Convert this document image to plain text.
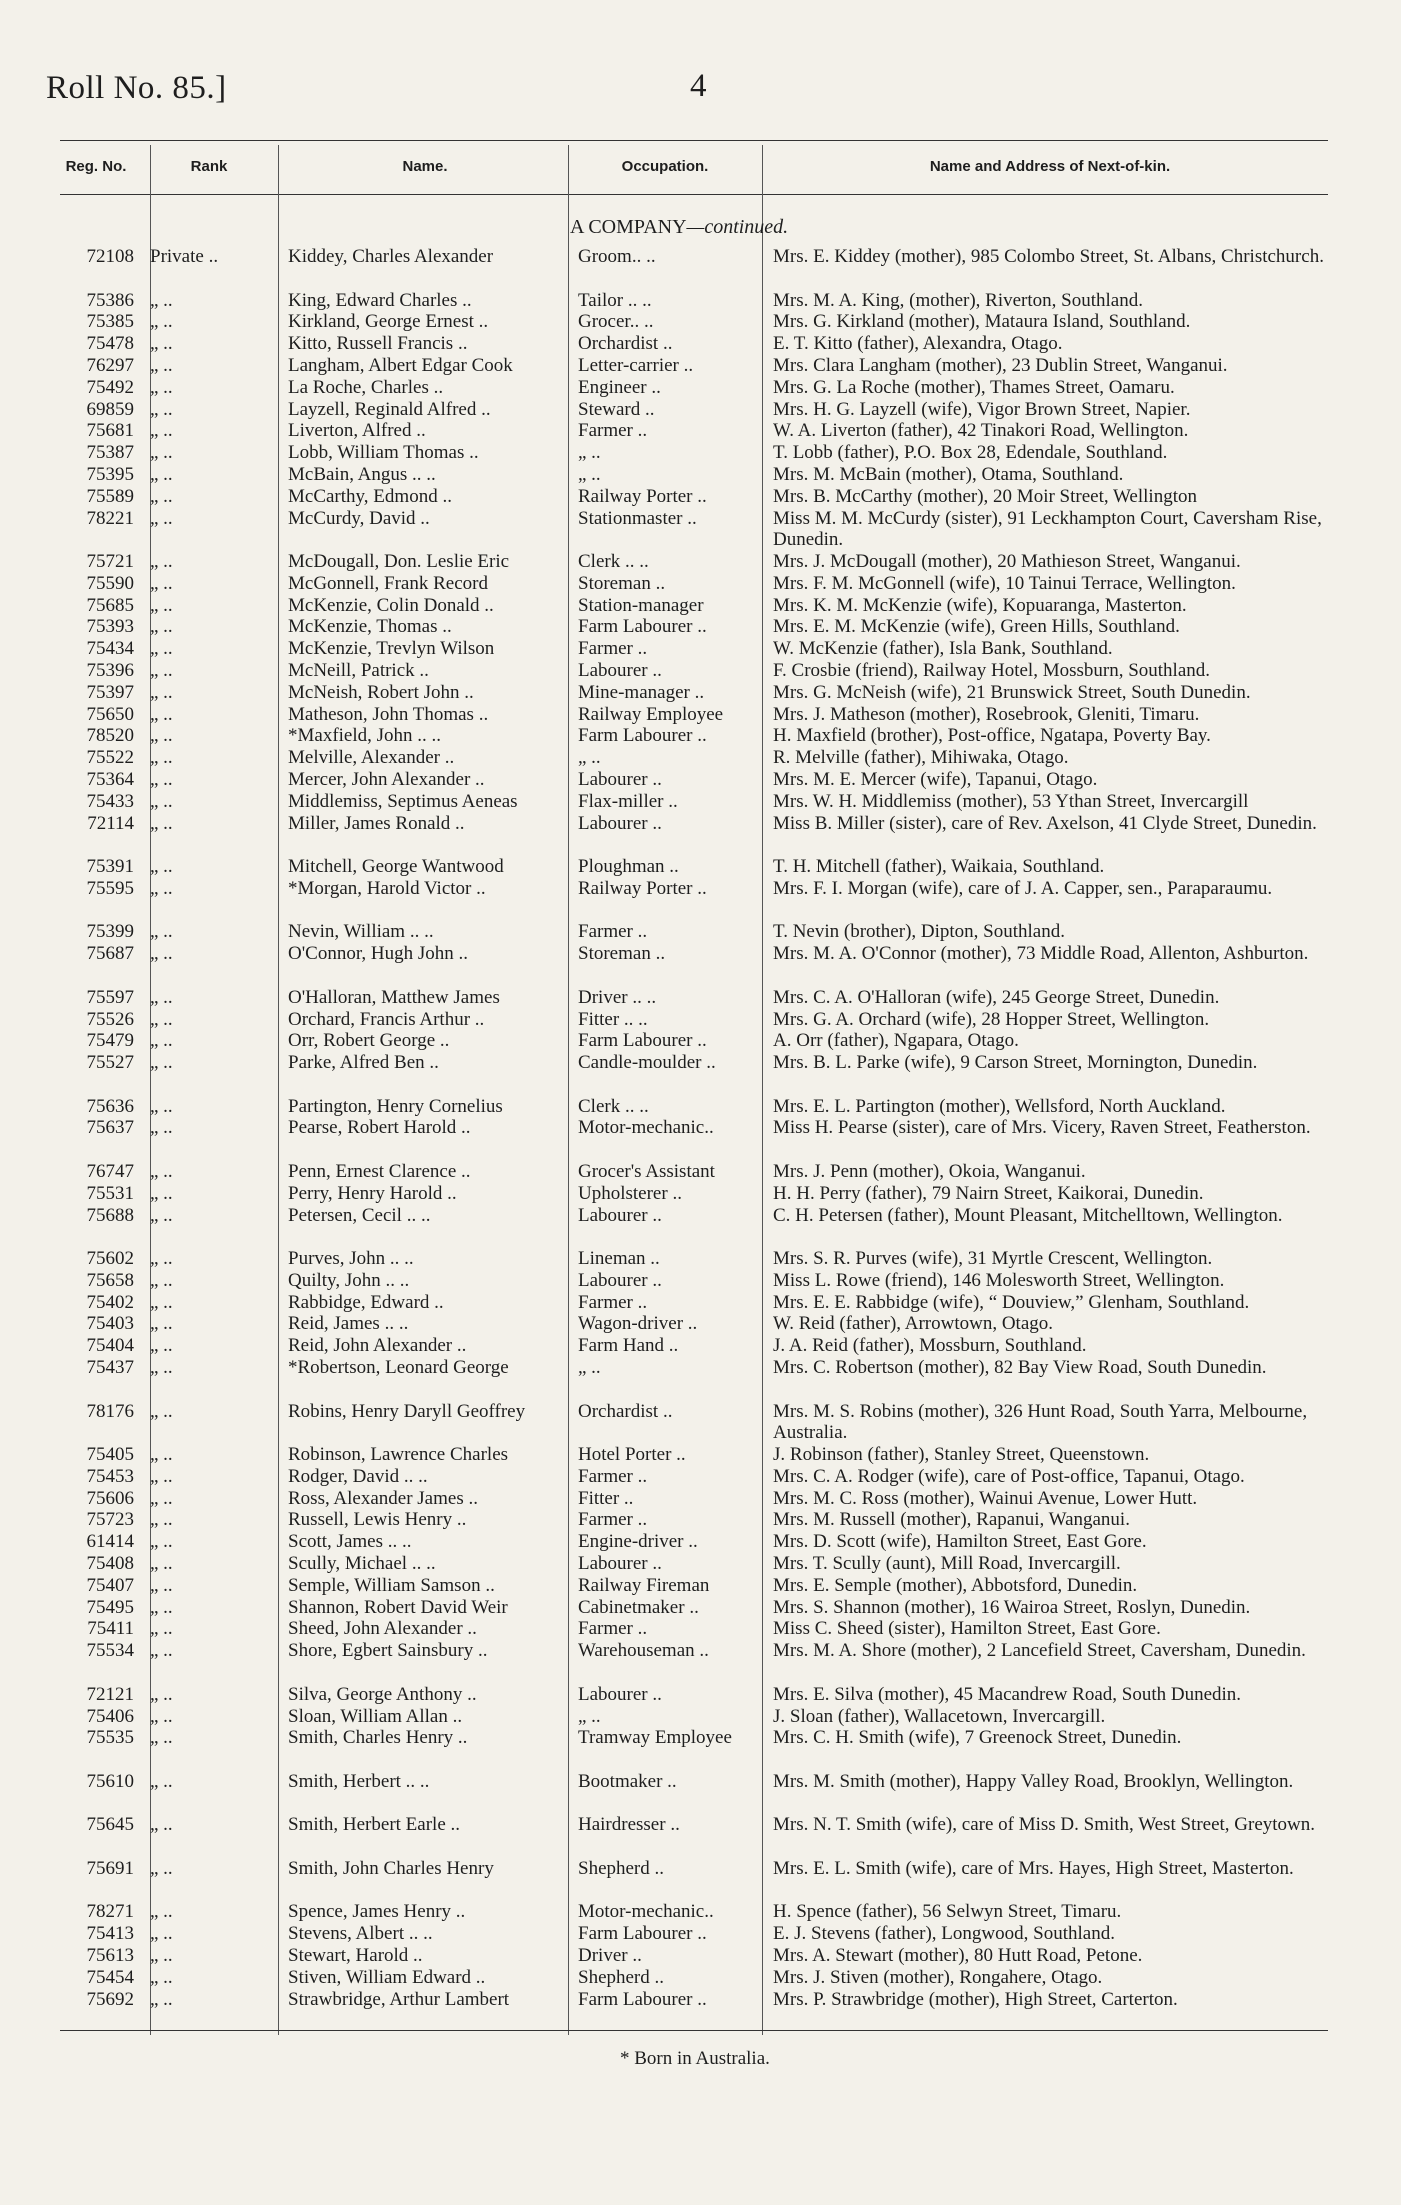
Roll No. 85.]	4
Reg. No.	Rank	Name.	Occupation.	Name and Address of Next-of-kin.
A COMPANY—continued.
72108 Private ..	Kiddey, Charles Alexander	Groom.. ..	Mrs. E. Kiddey (mother), 985 Colombo Street, St. Albans, Christchurch.
75386 „ ..	King, Edward Charles ..	Tailor .. ..	Mrs. M. A. King, (mother), Riverton, Southland.
75385 „ ..	Kirkland, George Ernest ..	Grocer.. ..	Mrs. G. Kirkland (mother), Mataura Island, Southland.
75478 „ ..	Kitto, Russell Francis ..	Orchardist ..	E. T. Kitto (father), Alexandra, Otago.
76297 „ ..	Langham, Albert Edgar Cook	Letter-carrier ..	Mrs. Clara Langham (mother), 23 Dublin Street, Wanganui.
75492 „ ..	La Roche, Charles ..	Engineer ..	Mrs. G. La Roche (mother), Thames Street, Oamaru.
69859 „ ..	Layzell, Reginald Alfred ..	Steward ..	Mrs. H. G. Layzell (wife), Vigor Brown Street, Napier.
75681 „ ..	Liverton, Alfred ..	Farmer ..	W. A. Liverton (father), 42 Tinakori Road, Wellington.
75387 „ ..	Lobb, William Thomas ..	„ ..	T. Lobb (father), P.O. Box 28, Edendale, Southland.
75395 „ ..	McBain, Angus .. ..	„ ..	Mrs. M. McBain (mother), Otama, Southland.
75589 „ ..	McCarthy, Edmond ..	Railway Porter ..	Mrs. B. McCarthy (mother), 20 Moir Street, Wellington
78221 „ ..	McCurdy, David ..	Stationmaster ..	Miss M. M. McCurdy (sister), 91 Leckhampton Court, Caversham Rise, Dunedin.
75721 „ ..	McDougall, Don. Leslie Eric	Clerk .. ..	Mrs. J. McDougall (mother), 20 Mathieson Street, Wanganui.
75590 „ ..	McGonnell, Frank Record	Storeman ..	Mrs. F. M. McGonnell (wife), 10 Tainui Terrace, Wellington.
75685 „ ..	McKenzie, Colin Donald ..	Station-manager	Mrs. K. M. McKenzie (wife), Kopuaranga, Masterton.
75393 „ ..	McKenzie, Thomas ..	Farm Labourer ..	Mrs. E. M. McKenzie (wife), Green Hills, Southland.
75434 „ ..	McKenzie, Trevlyn Wilson	Farmer ..	W. McKenzie (father), Isla Bank, Southland.
75396 „ ..	McNeill, Patrick ..	Labourer ..	F. Crosbie (friend), Railway Hotel, Mossburn, Southland.
75397 „ ..	McNeish, Robert John ..	Mine-manager ..	Mrs. G. McNeish (wife), 21 Brunswick Street, South Dunedin.
75650 „ ..	Matheson, John Thomas ..	Railway Employee	Mrs. J. Matheson (mother), Rosebrook, Gleniti, Timaru.
78520 „ ..	*Maxfield, John .. ..	Farm Labourer ..	H. Maxfield (brother), Post-office, Ngatapa, Poverty Bay.
75522 „ ..	Melville, Alexander ..	„ ..	R. Melville (father), Mihiwaka, Otago.
75364 „ ..	Mercer, John Alexander ..	Labourer ..	Mrs. M. E. Mercer (wife), Tapanui, Otago.
75433 „ ..	Middlemiss, Septimus Aeneas	Flax-miller ..	Mrs. W. H. Middlemiss (mother), 53 Ythan Street, Invercargill
72114 „ ..	Miller, James Ronald ..	Labourer ..	Miss B. Miller (sister), care of Rev. Axelson, 41 Clyde Street, Dunedin.
75391 „ ..	Mitchell, George Wantwood	Ploughman ..	T. H. Mitchell (father), Waikaia, Southland.
75595 „ ..	*Morgan, Harold Victor ..	Railway Porter ..	Mrs. F. I. Morgan (wife), care of J. A. Capper, sen., Paraparaumu.
75399 „ ..	Nevin, William .. ..	Farmer ..	T. Nevin (brother), Dipton, Southland.
75687 „ ..	O'Connor, Hugh John ..	Storeman ..	Mrs. M. A. O'Connor (mother), 73 Middle Road, Allenton, Ashburton.
75597 „ ..	O'Halloran, Matthew James	Driver .. ..	Mrs. C. A. O'Halloran (wife), 245 George Street, Dunedin.
75526 „ ..	Orchard, Francis Arthur ..	Fitter .. ..	Mrs. G. A. Orchard (wife), 28 Hopper Street, Wellington.
75479 „ ..	Orr, Robert George ..	Farm Labourer ..	A. Orr (father), Ngapara, Otago.
75527 „ ..	Parke, Alfred Ben ..	Candle-moulder ..	Mrs. B. L. Parke (wife), 9 Carson Street, Mornington, Dunedin.
75636 „ ..	Partington, Henry Cornelius	Clerk .. ..	Mrs. E. L. Partington (mother), Wellsford, North Auckland.
75637 „ ..	Pearse, Robert Harold ..	Motor-mechanic..	Miss H. Pearse (sister), care of Mrs. Vicery, Raven Street, Featherston.
76747 „ ..	Penn, Ernest Clarence ..	Grocer's Assistant	Mrs. J. Penn (mother), Okoia, Wanganui.
75531 „ ..	Perry, Henry Harold ..	Upholsterer ..	H. H. Perry (father), 79 Nairn Street, Kaikorai, Dunedin.
75688 „ ..	Petersen, Cecil .. ..	Labourer ..	C. H. Petersen (father), Mount Pleasant, Mitchelltown, Wellington.
75602 „ ..	Purves, John .. ..	Lineman ..	Mrs. S. R. Purves (wife), 31 Myrtle Crescent, Wellington.
75658 „ ..	Quilty, John .. ..	Labourer ..	Miss L. Rowe (friend), 146 Molesworth Street, Wellington.
75402 „ ..	Rabbidge, Edward ..	Farmer ..	Mrs. E. E. Rabbidge (wife), “ Douview,” Glenham, Southland.
75403 „ ..	Reid, James .. ..	Wagon-driver ..	W. Reid (father), Arrowtown, Otago.
75404 „ ..	Reid, John Alexander ..	Farm Hand ..	J. A. Reid (father), Mossburn, Southland.
75437 „ ..	*Robertson, Leonard George	„ ..	Mrs. C. Robertson (mother), 82 Bay View Road, South Dunedin.
78176 „ ..	Robins, Henry Daryll Geoffrey	Orchardist ..	Mrs. M. S. Robins (mother), 326 Hunt Road, South Yarra, Melbourne, Australia.
75405 „ ..	Robinson, Lawrence Charles	Hotel Porter ..	J. Robinson (father), Stanley Street, Queenstown.
75453 „ ..	Rodger, David .. ..	Farmer ..	Mrs. C. A. Rodger (wife), care of Post-office, Tapanui, Otago.
75606 „ ..	Ross, Alexander James ..	Fitter ..	Mrs. M. C. Ross (mother), Wainui Avenue, Lower Hutt.
75723 „ ..	Russell, Lewis Henry ..	Farmer ..	Mrs. M. Russell (mother), Rapanui, Wanganui.
61414 „ ..	Scott, James .. ..	Engine-driver ..	Mrs. D. Scott (wife), Hamilton Street, East Gore.
75408 „ ..	Scully, Michael .. ..	Labourer ..	Mrs. T. Scully (aunt), Mill Road, Invercargill.
75407 „ ..	Semple, William Samson ..	Railway Fireman	Mrs. E. Semple (mother), Abbotsford, Dunedin.
75495 „ ..	Shannon, Robert David Weir	Cabinetmaker ..	Mrs. S. Shannon (mother), 16 Wairoa Street, Roslyn, Dunedin.
75411 „ ..	Sheed, John Alexander ..	Farmer ..	Miss C. Sheed (sister), Hamilton Street, East Gore.
75534 „ ..	Shore, Egbert Sainsbury ..	Warehouseman ..	Mrs. M. A. Shore (mother), 2 Lancefield Street, Caversham, Dunedin.
72121 „ ..	Silva, George Anthony ..	Labourer ..	Mrs. E. Silva (mother), 45 Macandrew Road, South Dunedin.
75406 „ ..	Sloan, William Allan ..	„ ..	J. Sloan (father), Wallacetown, Invercargill.
75535 „ ..	Smith, Charles Henry ..	Tramway Employee	Mrs. C. H. Smith (wife), 7 Greenock Street, Dunedin.
75610 „ ..	Smith, Herbert .. ..	Bootmaker ..	Mrs. M. Smith (mother), Happy Valley Road, Brooklyn, Wellington.
75645 „ ..	Smith, Herbert Earle ..	Hairdresser ..	Mrs. N. T. Smith (wife), care of Miss D. Smith, West Street, Greytown.
75691 „ ..	Smith, John Charles Henry	Shepherd ..	Mrs. E. L. Smith (wife), care of Mrs. Hayes, High Street, Masterton.
78271 „ ..	Spence, James Henry ..	Motor-mechanic..	H. Spence (father), 56 Selwyn Street, Timaru.
75413 „ ..	Stevens, Albert .. ..	Farm Labourer ..	E. J. Stevens (father), Longwood, Southland.
75613 „ ..	Stewart, Harold ..	Driver ..	Mrs. A. Stewart (mother), 80 Hutt Road, Petone.
75454 „ ..	Stiven, William Edward ..	Shepherd ..	Mrs. J. Stiven (mother), Rongahere, Otago.
75692 „ ..	Strawbridge, Arthur Lambert	Farm Labourer ..	Mrs. P. Strawbridge (mother), High Street, Carterton.
* Born in Australia.
